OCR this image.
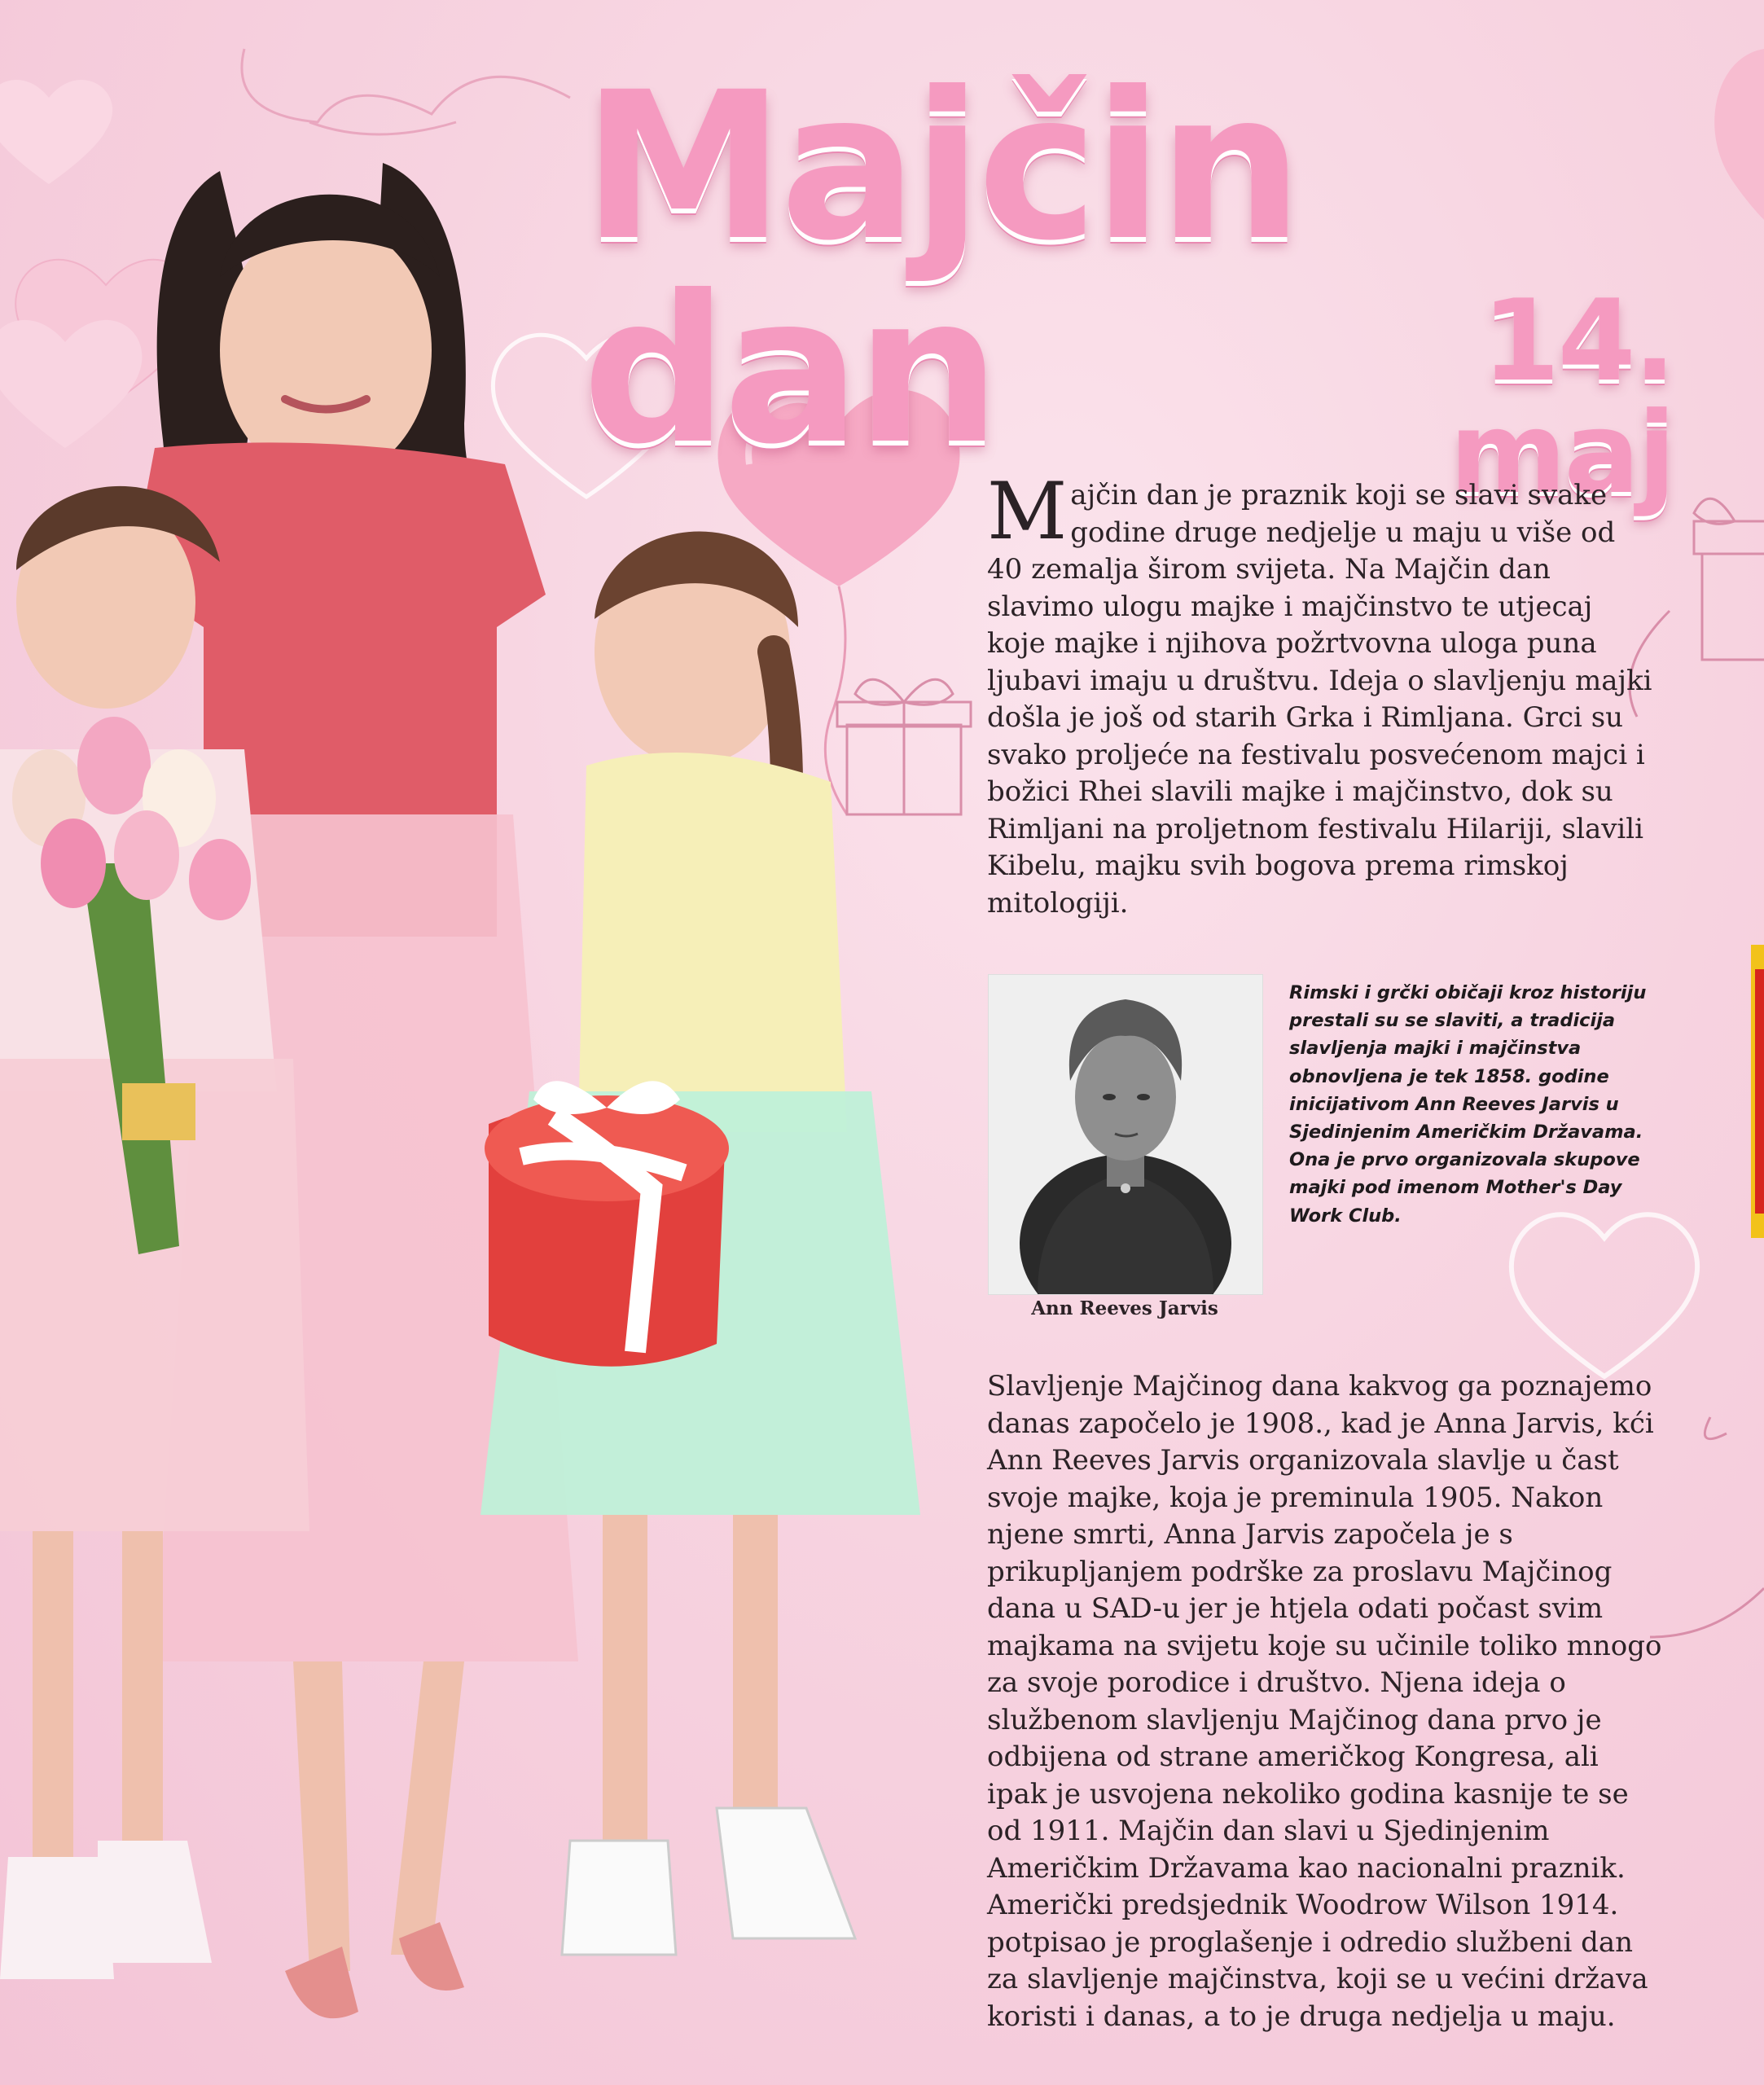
Majčin dan	14. maj
Majčin dan je praznik koji se slavi svake godine druge nedjelje u maju u više od 40 zemalja širom svijeta. Na Majčin dan slavimo ulogu majke i majčinstvo te utjecaj koje majke i njihova požrtvovna uloga puna ljubavi imaju u društvu. Ideja o slavljenju majki došla je još od starih Grka i Rimljana. Grci su svako proljeće na festivalu posvećenom majci i božici Rhei slavili majke i majčinstvo, dok su Rimljani na proljetnom festivalu Hilariji, slavili Kibelu, majku svih bogova prema rimskoj mitologiji.
Ann Reeves Jarvis
Rimski i grčki običaji kroz historiju prestali su se slaviti, a tradicija slavljenja majki i majčinstva obnovljena je tek 1858. godine inicijativom Ann Reeves Jarvis u Sjedinjenim Američkim Državama. Ona je prvo organizovala skupove majki pod imenom Mother's Day Work Club.
Slavljenje Majčinog dana kakvog ga poznajemo danas započelo je 1908., kad je Anna Jarvis, kći Ann Reeves Jarvis organizovala slavlje u čast svoje majke, koja je preminula 1905. Nakon njene smrti, Anna Jarvis započela je s prikupljanjem podrške za proslavu Majčinog dana u SAD-u jer je htjela odati počast svim majkama na svijetu koje su učinile toliko mnogo za svoje porodice i društvo. Njena ideja o službenom slavljenju Majčinog dana prvo je odbijena od strane američkog Kongresa, ali ipak je usvojena nekoliko godina kasnije te se od 1911. Majčin dan slavi u Sjedinjenim Američkim Državama kao nacionalni praznik. Američki predsjednik Woodrow Wilson 1914. potpisao je proglašenje i odredio službeni dan za slavljenje majčinstva, koji se u većini država koristi i danas, a to je druga nedjelja u maju.
